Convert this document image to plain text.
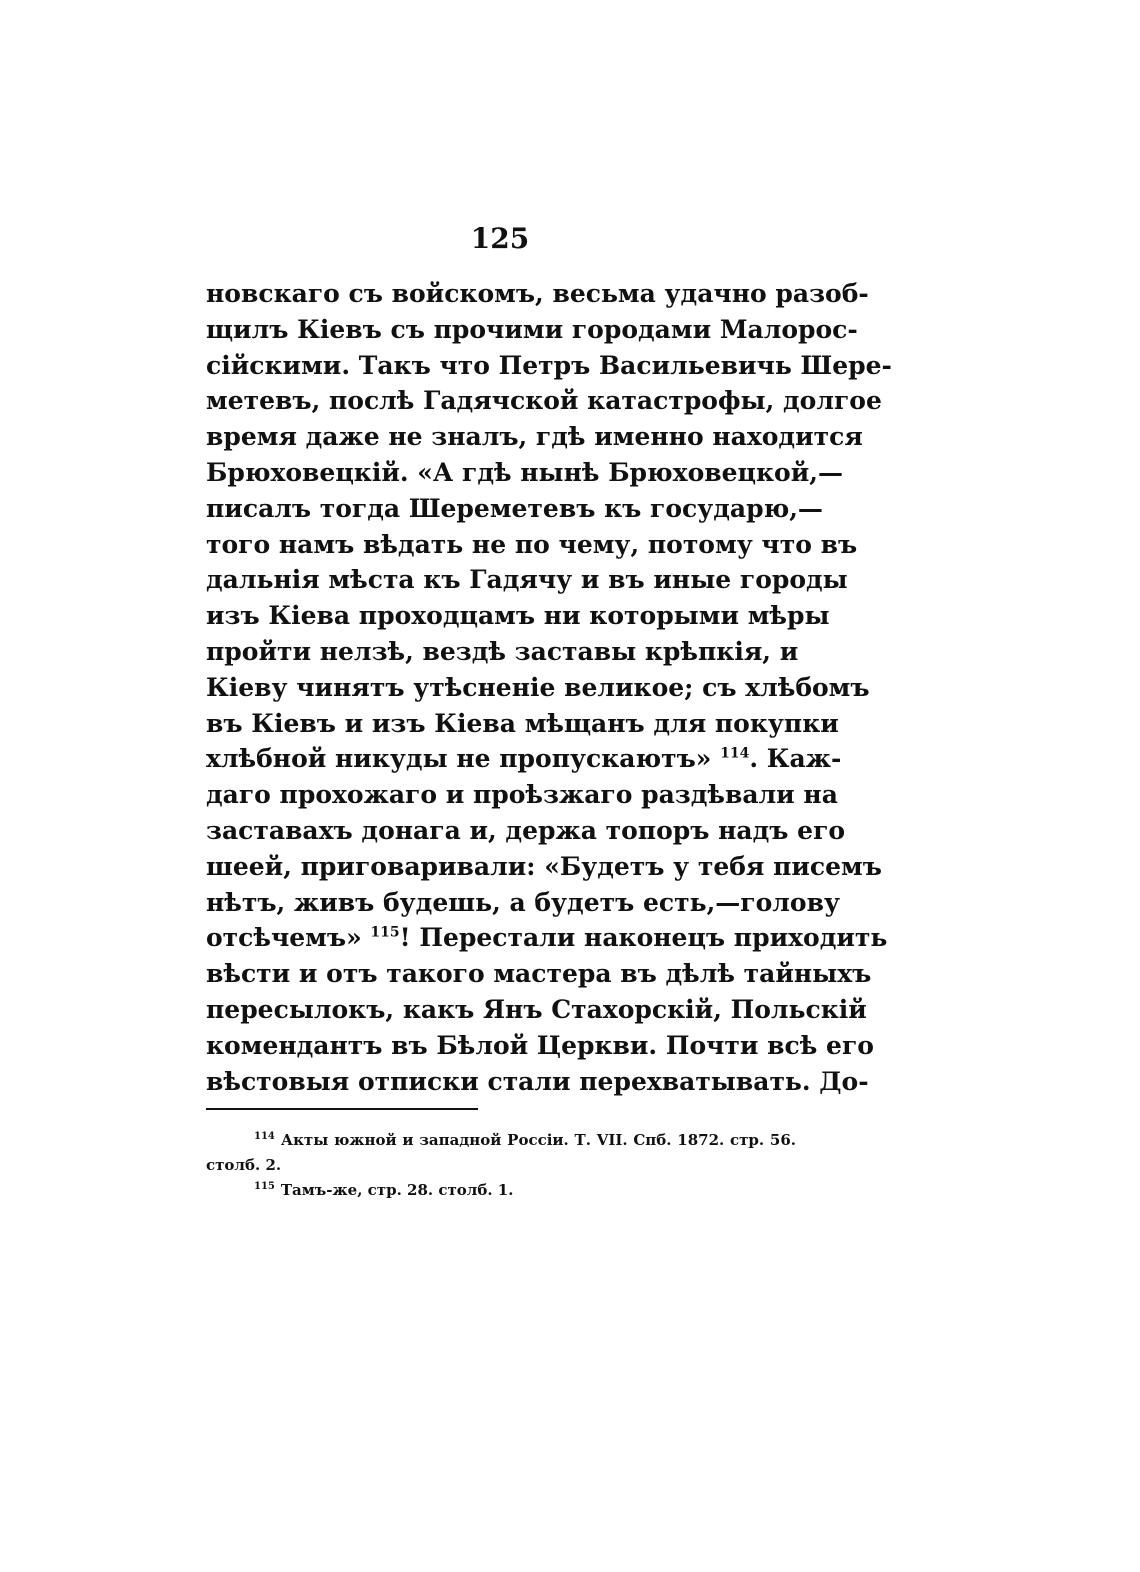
125
новскаго съ войскомъ, весьма удачно разоб-
щилъ Кіевъ съ прочими городами Малорос-
сійскими. Такъ что Петръ Васильевичь Шере-
метевъ, послѣ Гадячской катастрофы, долгое
время даже не зналъ, гдѣ именно находится
Брюховецкій. «А гдѣ нынѣ Брюховецкой,—
писалъ тогда Шереметевъ къ государю,—
того намъ вѣдать не по чему, потому что въ
дальнія мѣста къ Гадячу и въ иные городы
изъ Кіева проходцамъ ни которыми мѣры
пройти нелзѣ, вездѣ заставы крѣпкія, и
Кіеву чинятъ утѣсненіе великое; съ хлѣбомъ
въ Кіевъ и изъ Кіева мѣщанъ для покупки
хлѣбной никуды не пропускаютъ» $^{114}$. Каж-
даго прохожаго и проѣзжаго раздѣвали на
заставахъ донага и, держа топоръ надъ его
шеей, приговаривали: «Будетъ у тебя писемъ
нѣтъ, живъ будешь, а будетъ есть,—голову
отсѣчемъ» $^{115}$! Перестали наконецъ приходить
вѣсти и отъ такого мастера въ дѣлѣ тайныхъ
пересылокъ, какъ Янъ Стахорскій, Польскій
комендантъ въ Бѣлой Церкви. Почти всѣ его
вѣстовыя отписки стали перехватывать. До-
$^{114}$ Акты южной и западной Россіи. Т. VII. Спб. 1872. стр. 56.
столб. 2.
$^{115}$ Тамъ-же, стр. 28. столб. 1.
